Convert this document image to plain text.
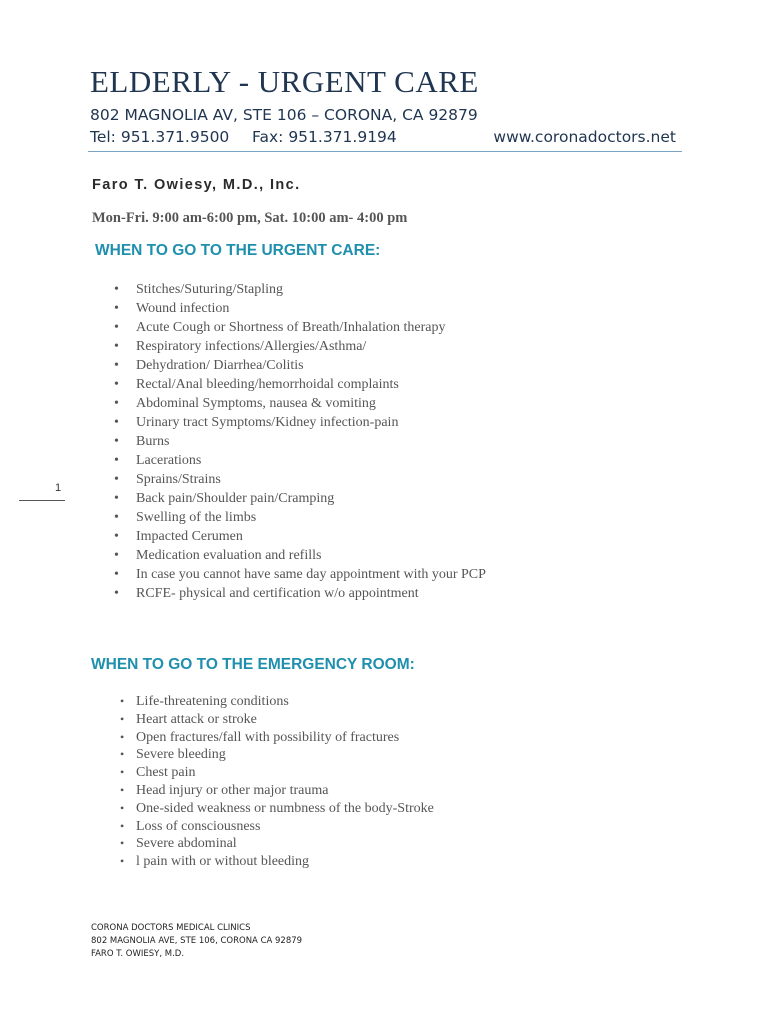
ELDERLY - URGENT CARE
802 MAGNOLIA AV, STE 106 – CORONA, CA 92879
Tel: 951.371.9500 Fax: 951.371.9194	www.coronadoctors.net
Faro T. Owiesy, M.D., Inc.
Mon-Fri. 9:00 am-6:00 pm, Sat. 10:00 am- 4:00 pm
WHEN TO GO TO THE URGENT CARE:
• Stitches/Suturing/Stapling
• Wound infection
• Acute Cough or Shortness of Breath/Inhalation therapy
• Respiratory infections/Allergies/Asthma/
• Dehydration/ Diarrhea/Colitis
• Rectal/Anal bleeding/hemorrhoidal complaints
• Abdominal Symptoms, nausea & vomiting
• Urinary tract Symptoms/Kidney infection-pain
• Burns
• Lacerations
• Sprains/Strains
• Back pain/Shoulder pain/Cramping
• Swelling of the limbs
• Impacted Cerumen
• Medication evaluation and refills
• In case you cannot have same day appointment with your PCP
• RCFE- physical and certification w/o appointment
1
WHEN TO GO TO THE EMERGENCY ROOM:
• Life-threatening conditions
• Heart attack or stroke
• Open fractures/fall with possibility of fractures
• Severe bleeding
• Chest pain
• Head injury or other major trauma
• One-sided weakness or numbness of the body-Stroke
• Loss of consciousness
• Severe abdominal
• l pain with or without bleeding
CORONA DOCTORS MEDICAL CLINICS
802 MAGNOLIA AVE, STE 106, CORONA CA 92879
FARO T. OWIESY, M.D.
